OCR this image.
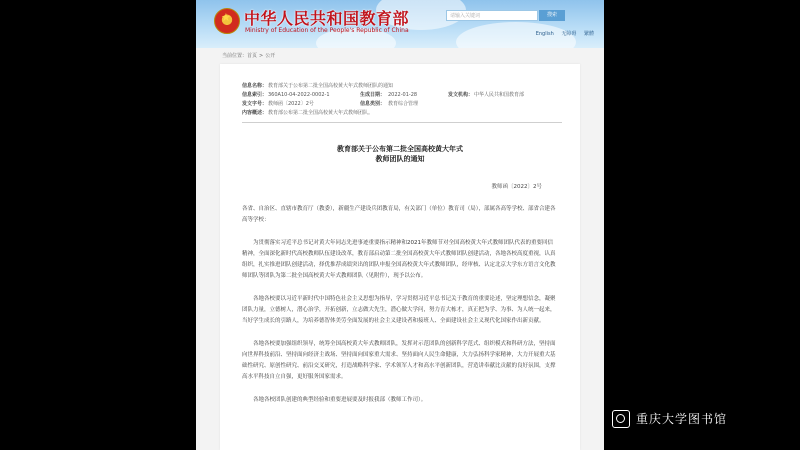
★
中华人民共和国教育部
Ministry of Education of the People's Republic of China
请输入关键词	搜索
English 无障碍 繁體
当前位置：首页 > 公开
信息名称： 教育部关于公布第二批全国高校黄大年式教师团队的通知
信息索引： 360A10-04-2022-0002-1	生成日期： 2022-01-28	发文机构： 中华人民共和国教育部
发文字号： 教师函〔2022〕2号	信息类别： 教育综合管理
内容概述： 教育部公布第二批全国高校黄大年式教师团队。
教育部关于公布第二批全国高校黄大年式
教师团队的通知
教师函〔2022〕2号

各省、自治区、直辖市教育厅（教委），新疆生产建设兵团教育局，有关部门（单位）教育司（局），部属各高等学校、部省合建各高等学校：

为贯彻落实习近平总书记对黄大年同志先进事迹重要指示精神和2021年教师节对全国高校黄大年式教师团队代表的重要回信精神，全面深化新时代高校教师队伍建设改革，教育部启动第二批全国高校黄大年式教师团队创建活动，各地各校高度重视，认真组织，扎实推进团队创建活动，择优推荐成绩突出的团队申报全国高校黄大年式教师团队，经审核、认定北京大学东方语言文化教师团队等团队为第二批全国高校黄大年式教师团队（见附件），现予以公布。

各地各校要以习近平新时代中国特色社会主义思想为指导，学习贯彻习近平总书记关于教育的重要论述，坚定理想信念，凝聚团队力量，立德树人，潜心治学，开拓创新，立志做大先生，潜心做大学问，努力育大栋才，真正把为学、为事、为人统一起来，当好学生成长的引路人，为培养德智体美劳全面发展的社会主义建设者和接班人、全面建设社会主义现代化国家作出新贡献。

各地各校要加强组织领导，统筹全国高校黄大年式教师团队，发挥对示范团队的创新科学范式、组织模式和科研方法，坚持面向世界科技前沿、坚持面向经济主战场、坚持面向国家重大需求、坚持面向人民生命健康，大力弘扬科学家精神，大力开展重大基础性研究、原创性研究、前沿交叉研究，打造战略科学家、学术领军人才和高水平创新团队，营造讲奉献比贡献的良好氛围，支撑高水平科技自立自强，更好服务国家需求。

各地各校团队创建的典型经验和重要进展要及时报我部（教师工作司）。

重庆大学图书馆
